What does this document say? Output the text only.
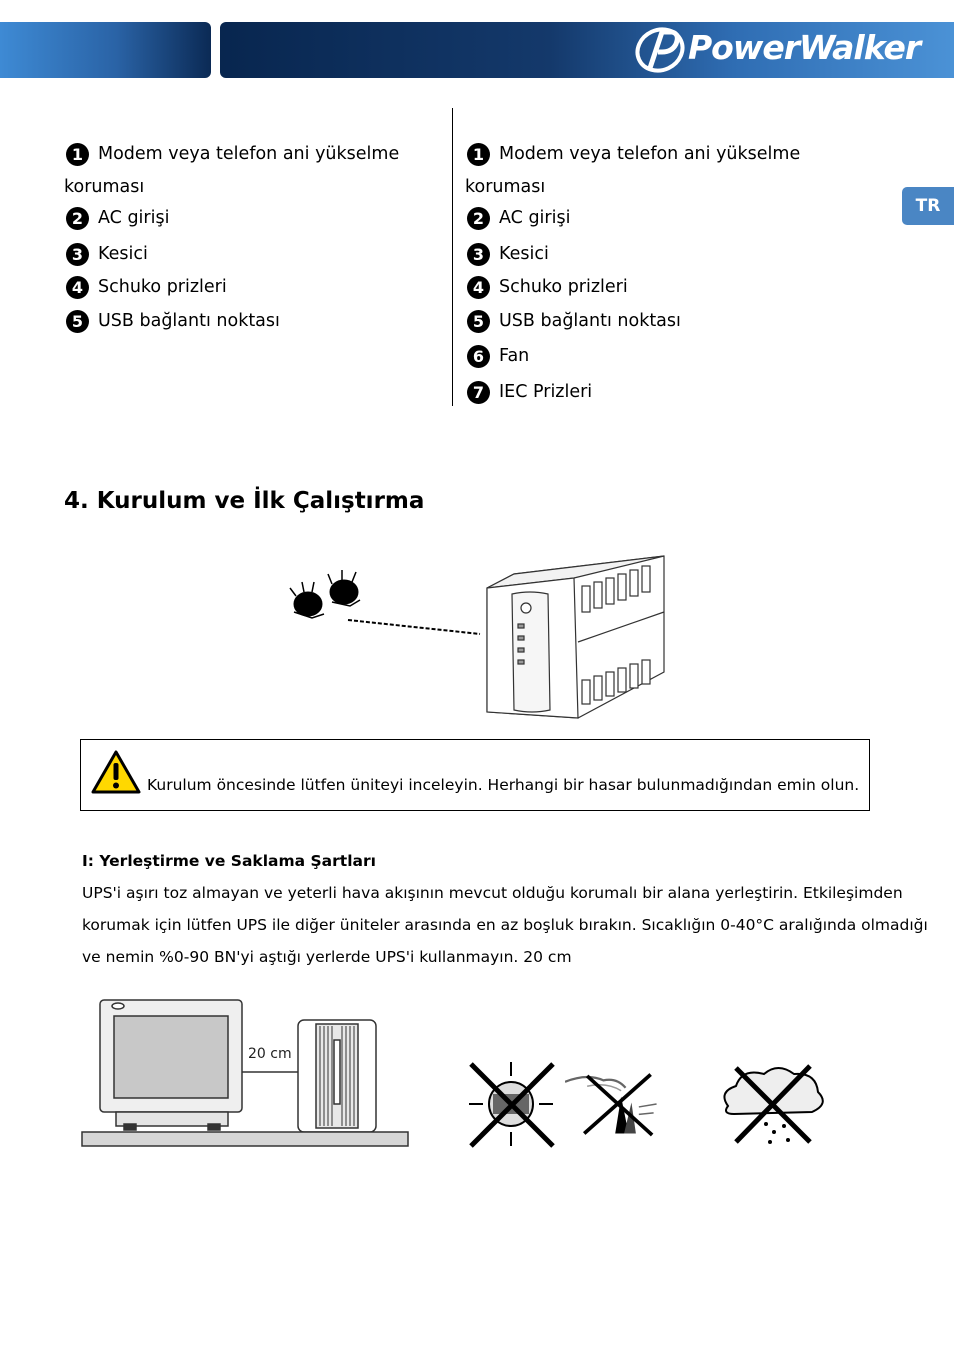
PowerWalker
TR
1 Modem veya telefon ani yükselme
koruması
2 AC girişi
3 Kesici
4 Schuko prizleri
5 USB bağlantı noktası
1 Modem veya telefon ani yükselme
koruması
2 AC girişi
3 Kesici
4 Schuko prizleri
5 USB bağlantı noktası
6 Fan
7 IEC Prizleri
4. Kurulum ve İlk Çalıştırma
Kurulum öncesinde lütfen üniteyi inceleyin. Herhangi bir hasar bulunmadığından emin olun.
I: Yerleştirme ve Saklama Şartları
UPS'i aşırı toz almayan ve yeterli hava akışının mevcut olduğu korumalı bir alana yerleştirin. Etkileşimden
korumak için lütfen UPS ile diğer üniteler arasında en az boşluk bırakın. Sıcaklığın 0-40°C aralığında olmadığı
ve nemin %0-90 BN'yi aştığı yerlerde UPS'i kullanmayın. 20 cm
20 cm
